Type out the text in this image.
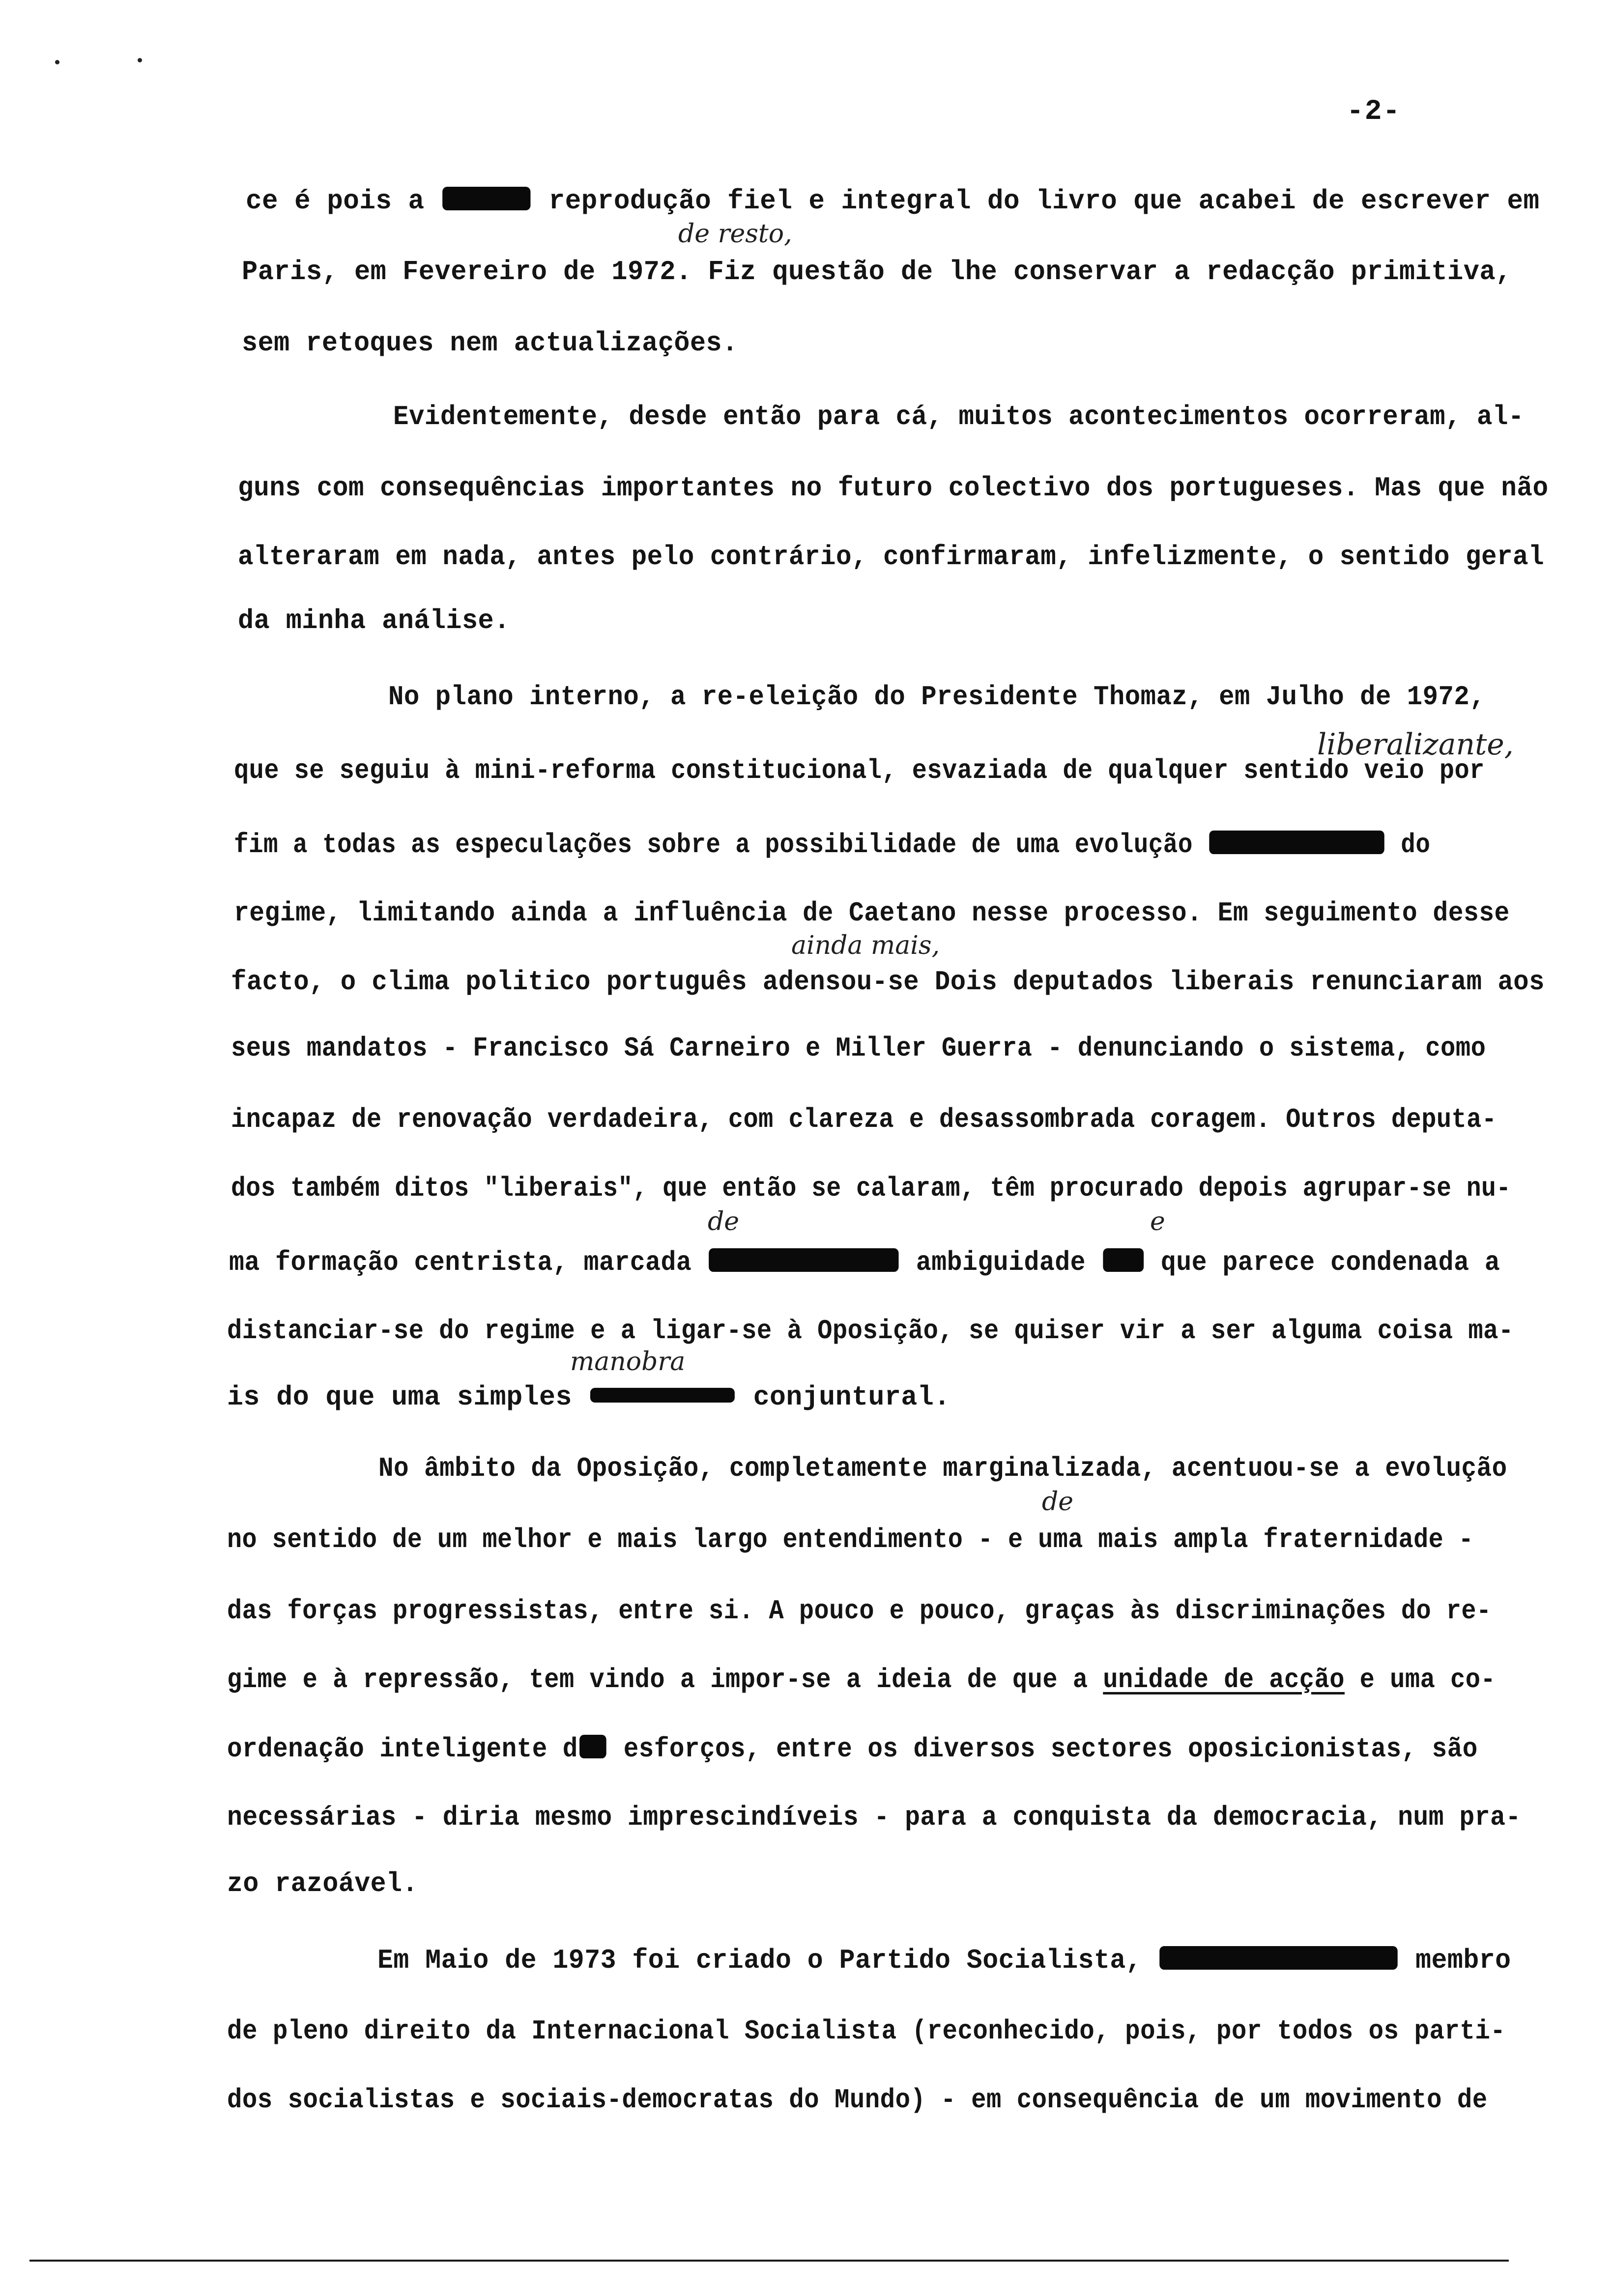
-2-
ce é pois a	reprodução fiel e integral do livro que acabei de escrever em
de resto,
Paris, em Fevereiro de 1972. Fiz questão de lhe conservar a redacção primitiva,
sem retoques nem actualizações.
Evidentemente, desde então para cá, muitos acontecimentos ocorreram, al-
guns com consequências importantes no futuro colectivo dos portugueses. Mas que não
alteraram em nada, antes pelo contrário, confirmaram, infelizmente, o sentido geral
da minha análise.
No plano interno, a re-eleição do Presidente Thomaz, em Julho de 1972,
liberalizante,
que se seguiu à mini-reforma constitucional, esvaziada de qualquer sentido veio por
fim a todas as especulações sobre a possibilidade de uma evolução	do
regime, limitando ainda a influência de Caetano nesse processo. Em seguimento desse
ainda mais,
facto, o clima politico português adensou-se Dois deputados liberais renunciaram aos
seus mandatos - Francisco Sá Carneiro e Miller Guerra - denunciando o sistema, como
incapaz de renovação verdadeira, com clareza e desassombrada coragem. Outros deputa-
dos também ditos "liberais", que então se calaram, têm procurado depois agrupar-se nu-
de	e
ma formação centrista, marcada	ambiguidade  que parece condenada a
distanciar-se do regime e a ligar-se à Oposição, se quiser vir a ser alguma coisa ma-
manobra
is do que uma simples	conjuntural.
No âmbito da Oposição, completamente marginalizada, acentuou-se a evolução
de
no sentido de um melhor e mais largo entendimento - e uma mais ampla fraternidade -
das forças progressistas, entre si. A pouco e pouco, graças às discriminações do re-
gime e à repressão, tem vindo a impor-se a ideia de que a unidade de acção e uma co-
ordenação inteligente d esforços, entre os diversos sectores oposicionistas, são
necessárias - diria mesmo imprescindíveis - para a conquista da democracia, num pra-
zo razoável.
Em Maio de 1973 foi criado o Partido Socialista,	membro
de pleno direito da Internacional Socialista (reconhecido, pois, por todos os parti-
dos socialistas e sociais-democratas do Mundo) - em consequência de um movimento de
